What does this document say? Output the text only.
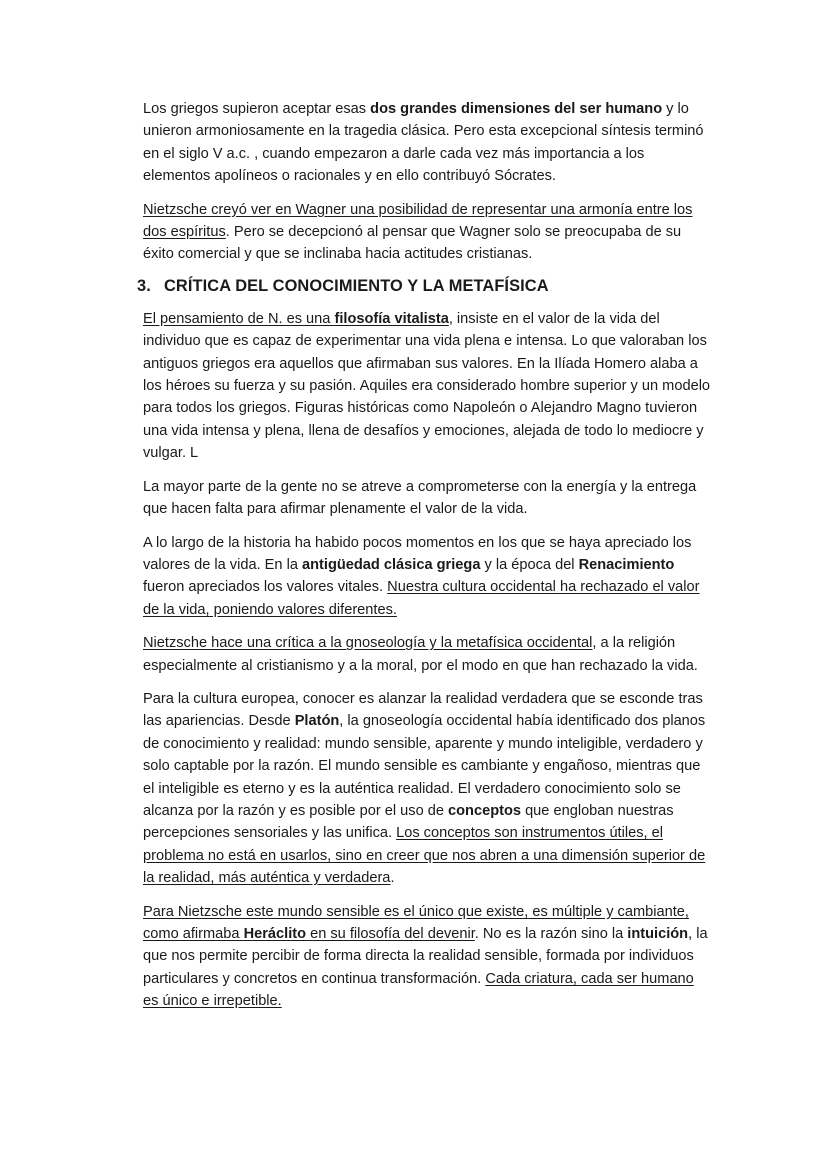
Los griegos supieron aceptar esas dos grandes dimensiones del ser humano y lo unieron armoniosamente en la tragedia clásica. Pero esta excepcional síntesis terminó en el siglo V a.c. , cuando empezaron a darle cada vez más importancia a los elementos apolíneos o racionales y en ello contribuyó Sócrates.

Nietzsche creyó ver en Wagner una posibilidad de representar una armonía entre los dos espíritus. Pero se decepcionó al pensar que Wagner solo se preocupaba de su éxito comercial y que se inclinaba hacia actitudes cristianas.

3. CRÍTICA DEL CONOCIMIENTO Y LA METAFÍSICA

El pensamiento de N. es una filosofía vitalista, insiste en el valor de la vida del individuo que es capaz de experimentar una vida plena e intensa. Lo que valoraban los antiguos griegos era aquellos que afirmaban sus valores. En la Ilíada Homero alaba a los héroes su fuerza y su pasión. Aquiles era considerado hombre superior y un modelo para todos los griegos. Figuras históricas como Napoleón o Alejandro Magno tuvieron una vida intensa y plena, llena de desafíos y emociones, alejada de todo lo mediocre y vulgar. L

La mayor parte de la gente no se atreve a comprometerse con la energía y la entrega que hacen falta para afirmar plenamente el valor de la vida.

A lo largo de la historia ha habido pocos momentos en los que se haya apreciado los valores de la vida. En la antigüedad clásica griega y la época del Renacimiento fueron apreciados los valores vitales. Nuestra cultura occidental ha rechazado el valor de la vida, poniendo valores diferentes.

Nietzsche hace una crítica a la gnoseología y la metafísica occidental, a la religión especialmente al cristianismo y a la moral, por el modo en que han rechazado la vida.

Para la cultura europea, conocer es alanzar la realidad verdadera que se esconde tras las apariencias. Desde Platón, la gnoseología occidental había identificado dos planos de conocimiento y realidad: mundo sensible, aparente y mundo inteligible, verdadero y solo captable por la razón. El mundo sensible es cambiante y engañoso, mientras que el inteligible es eterno y es la auténtica realidad. El verdadero conocimiento solo se alcanza por la razón y es posible por el uso de conceptos que engloban nuestras percepciones sensoriales y las unifica. Los conceptos son instrumentos útiles, el problema no está en usarlos, sino en creer que nos abren a una dimensión superior de la realidad, más auténtica y verdadera.

Para Nietzsche este mundo sensible es el único que existe, es múltiple y cambiante, como afirmaba Heráclito en su filosofía del devenir. No es la razón sino la intuición, la que nos permite percibir de forma directa la realidad sensible, formada por individuos particulares y concretos en continua transformación. Cada criatura, cada ser humano es único e irrepetible.
